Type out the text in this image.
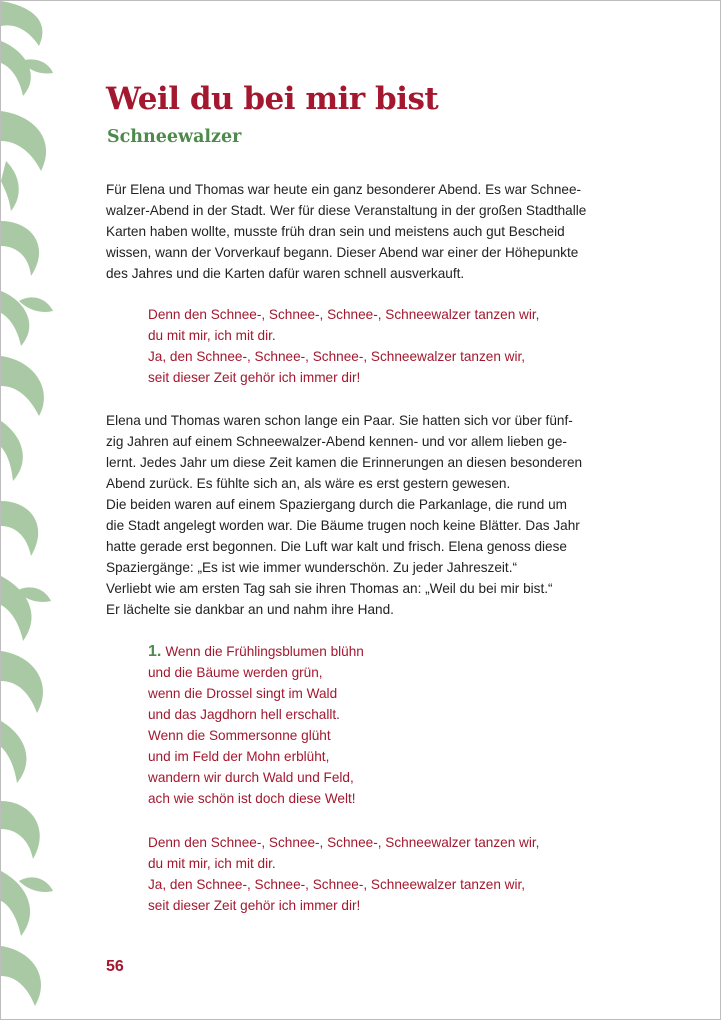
Weil du bei mir bist
Schneewalzer
Für Elena und Thomas war heute ein ganz besonderer Abend. Es war Schnee-
walzer-Abend in der Stadt. Wer für diese Veranstaltung in der großen Stadthalle
Karten haben wollte, musste früh dran sein und meistens auch gut Bescheid
wissen, wann der Vorverkauf begann. Dieser Abend war einer der Höhepunkte
des Jahres und die Karten dafür waren schnell ausverkauft.
Denn den Schnee-, Schnee-, Schnee-, Schneewalzer tanzen wir,
du mit mir, ich mit dir.
Ja, den Schnee-, Schnee-, Schnee-, Schneewalzer tanzen wir,
seit dieser Zeit gehör ich immer dir!
Elena und Thomas waren schon lange ein Paar. Sie hatten sich vor über fünf-
zig Jahren auf einem Schneewalzer-Abend kennen- und vor allem lieben ge-
lernt. Jedes Jahr um diese Zeit kamen die Erinnerungen an diesen besonderen
Abend zurück. Es fühlte sich an, als wäre es erst gestern gewesen.
Die beiden waren auf einem Spaziergang durch die Parkanlage, die rund um
die Stadt angelegt worden war. Die Bäume trugen noch keine Blätter. Das Jahr
hatte gerade erst begonnen. Die Luft war kalt und frisch. Elena genoss diese
Spaziergänge: „Es ist wie immer wunderschön. Zu jeder Jahreszeit.“
Verliebt wie am ersten Tag sah sie ihren Thomas an: „Weil du bei mir bist.“
Er lächelte sie dankbar an und nahm ihre Hand.
1. Wenn die Frühlingsblumen blühn
und die Bäume werden grün,
wenn die Drossel singt im Wald
und das Jagdhorn hell erschallt.
Wenn die Sommersonne glüht
und im Feld der Mohn erblüht,
wandern wir durch Wald und Feld,
ach wie schön ist doch diese Welt!
Denn den Schnee-, Schnee-, Schnee-, Schneewalzer tanzen wir,
du mit mir, ich mit dir.
Ja, den Schnee-, Schnee-, Schnee-, Schneewalzer tanzen wir,
seit dieser Zeit gehör ich immer dir!
56
